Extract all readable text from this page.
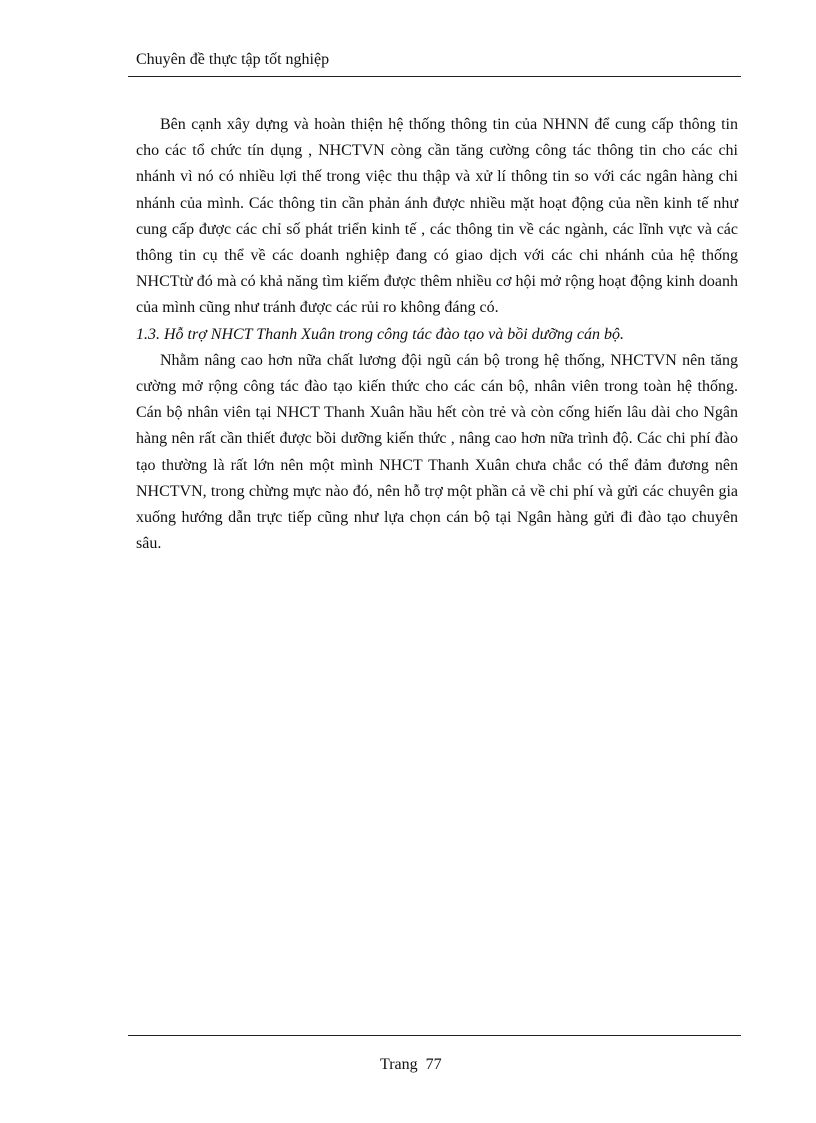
Chuyên đề thực tập tốt nghiệp

Bên cạnh xây dựng và hoàn thiện hệ thống thông tin của NHNN để cung cấp thông tin cho các tổ chức tín dụng , NHCTVN còng cần tăng cường công tác thông tin cho các chi nhánh vì nó có nhiều lợi thế trong việc thu thập và xử lí thông tin so với các ngân hàng chi nhánh của mình. Các thông tin cần phản ánh được nhiều mặt hoạt động của nền kinh tế như cung cấp được các chỉ số phát triển kinh tế , các thông tin về các ngành, các lĩnh vực và các thông tin cụ thể về các doanh nghiệp đang có giao dịch với các chi nhánh của hệ thống NHCTtừ đó mà có khả năng tìm kiếm được thêm nhiều cơ hội mở rộng hoạt động kinh doanh của mình cũng như tránh được các rủi ro không đáng có.

1.3. Hỗ trợ NHCT Thanh Xuân trong công tác đào tạo và bồi dưỡng cán bộ.

Nhằm nâng cao hơn nữa chất lương đội ngũ cán bộ trong hệ thống, NHCTVN nên tăng cường mở rộng công tác đào tạo kiến thức cho các cán bộ, nhân viên trong toàn hệ thống. Cán bộ nhân viên tại NHCT Thanh Xuân hầu hết còn trẻ và còn cống hiến lâu dài cho Ngân hàng nên rất cần thiết được bồi dưỡng kiến thức , nâng cao hơn nữa trình độ. Các chi phí đào tạo thường là rất lớn nên một mình NHCT Thanh Xuân chưa chắc có thể đảm đương nên NHCTVN, trong chừng mực nào đó, nên hỗ trợ một phần cả về chi phí và gửi các chuyên gia xuống hướng dẫn trực tiếp cũng như lựa chọn cán bộ tại Ngân hàng gửi đi đào tạo chuyên sâu.

Trang 77
